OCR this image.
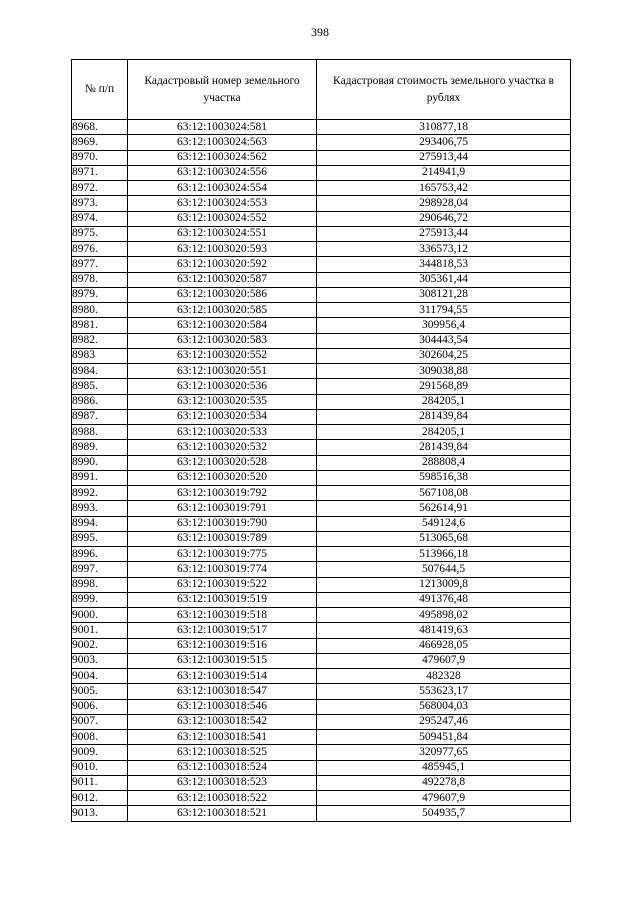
398
№ п/п	Кадастровый номер земельного участка	Кадастровая стоимость земельного участка в рублях
8968.	63:12:1003024:581	310877,18
8969.	63:12:1003024:563	293406,75
8970.	63:12:1003024:562	275913,44
8971.	63:12:1003024:556	214941,9
8972.	63:12:1003024:554	165753,42
8973.	63:12:1003024:553	298928,04
8974.	63:12:1003024:552	290646,72
8975.	63:12:1003024:551	275913,44
8976.	63:12:1003020:593	336573,12
8977.	63:12:1003020:592	344818,53
8978.	63:12:1003020:587	305361,44
8979.	63:12:1003020:586	308121,28
8980.	63:12:1003020:585	311794,55
8981.	63:12:1003020:584	309956,4
8982.	63:12:1003020:583	304443,54
8983	63:12:1003020:552	302604,25
8984.	63:12:1003020:551	309038,88
8985.	63:12:1003020:536	291568,89
8986.	63:12:1003020:535	284205,1
8987.	63:12:1003020:534	281439,84
8988.	63:12:1003020:533	284205,1
8989.	63:12:1003020:532	281439,84
8990.	63:12:1003020:528	288808,4
8991.	63:12:1003020:520	598516,38
8992.	63:12:1003019:792	567108,08
8993.	63:12:1003019:791	562614,91
8994.	63:12:1003019:790	549124,6
8995.	63:12:1003019:789	513065,68
8996.	63:12:1003019:775	513966,18
8997.	63:12:1003019:774	507644,5
8998.	63:12:1003019:522	1213009,8
8999.	63:12:1003019:519	491376,48
9000.	63:12:1003019:518	495898,02
9001.	63:12:1003019:517	481419,63
9002.	63:12:1003019:516	466928,05
9003.	63:12:1003019:515	479607,9
9004.	63:12:1003019:514	482328
9005.	63:12:1003018:547	553623,17
9006.	63:12:1003018:546	568004,03
9007.	63:12:1003018:542	295247,46
9008.	63:12:1003018:541	509451,84
9009.	63:12:1003018:525	320977,65
9010.	63:12:1003018:524	485945,1
9011.	63:12:1003018:523	492278,8
9012.	63:12:1003018:522	479607,9
9013.	63:12:1003018:521	504935,7
